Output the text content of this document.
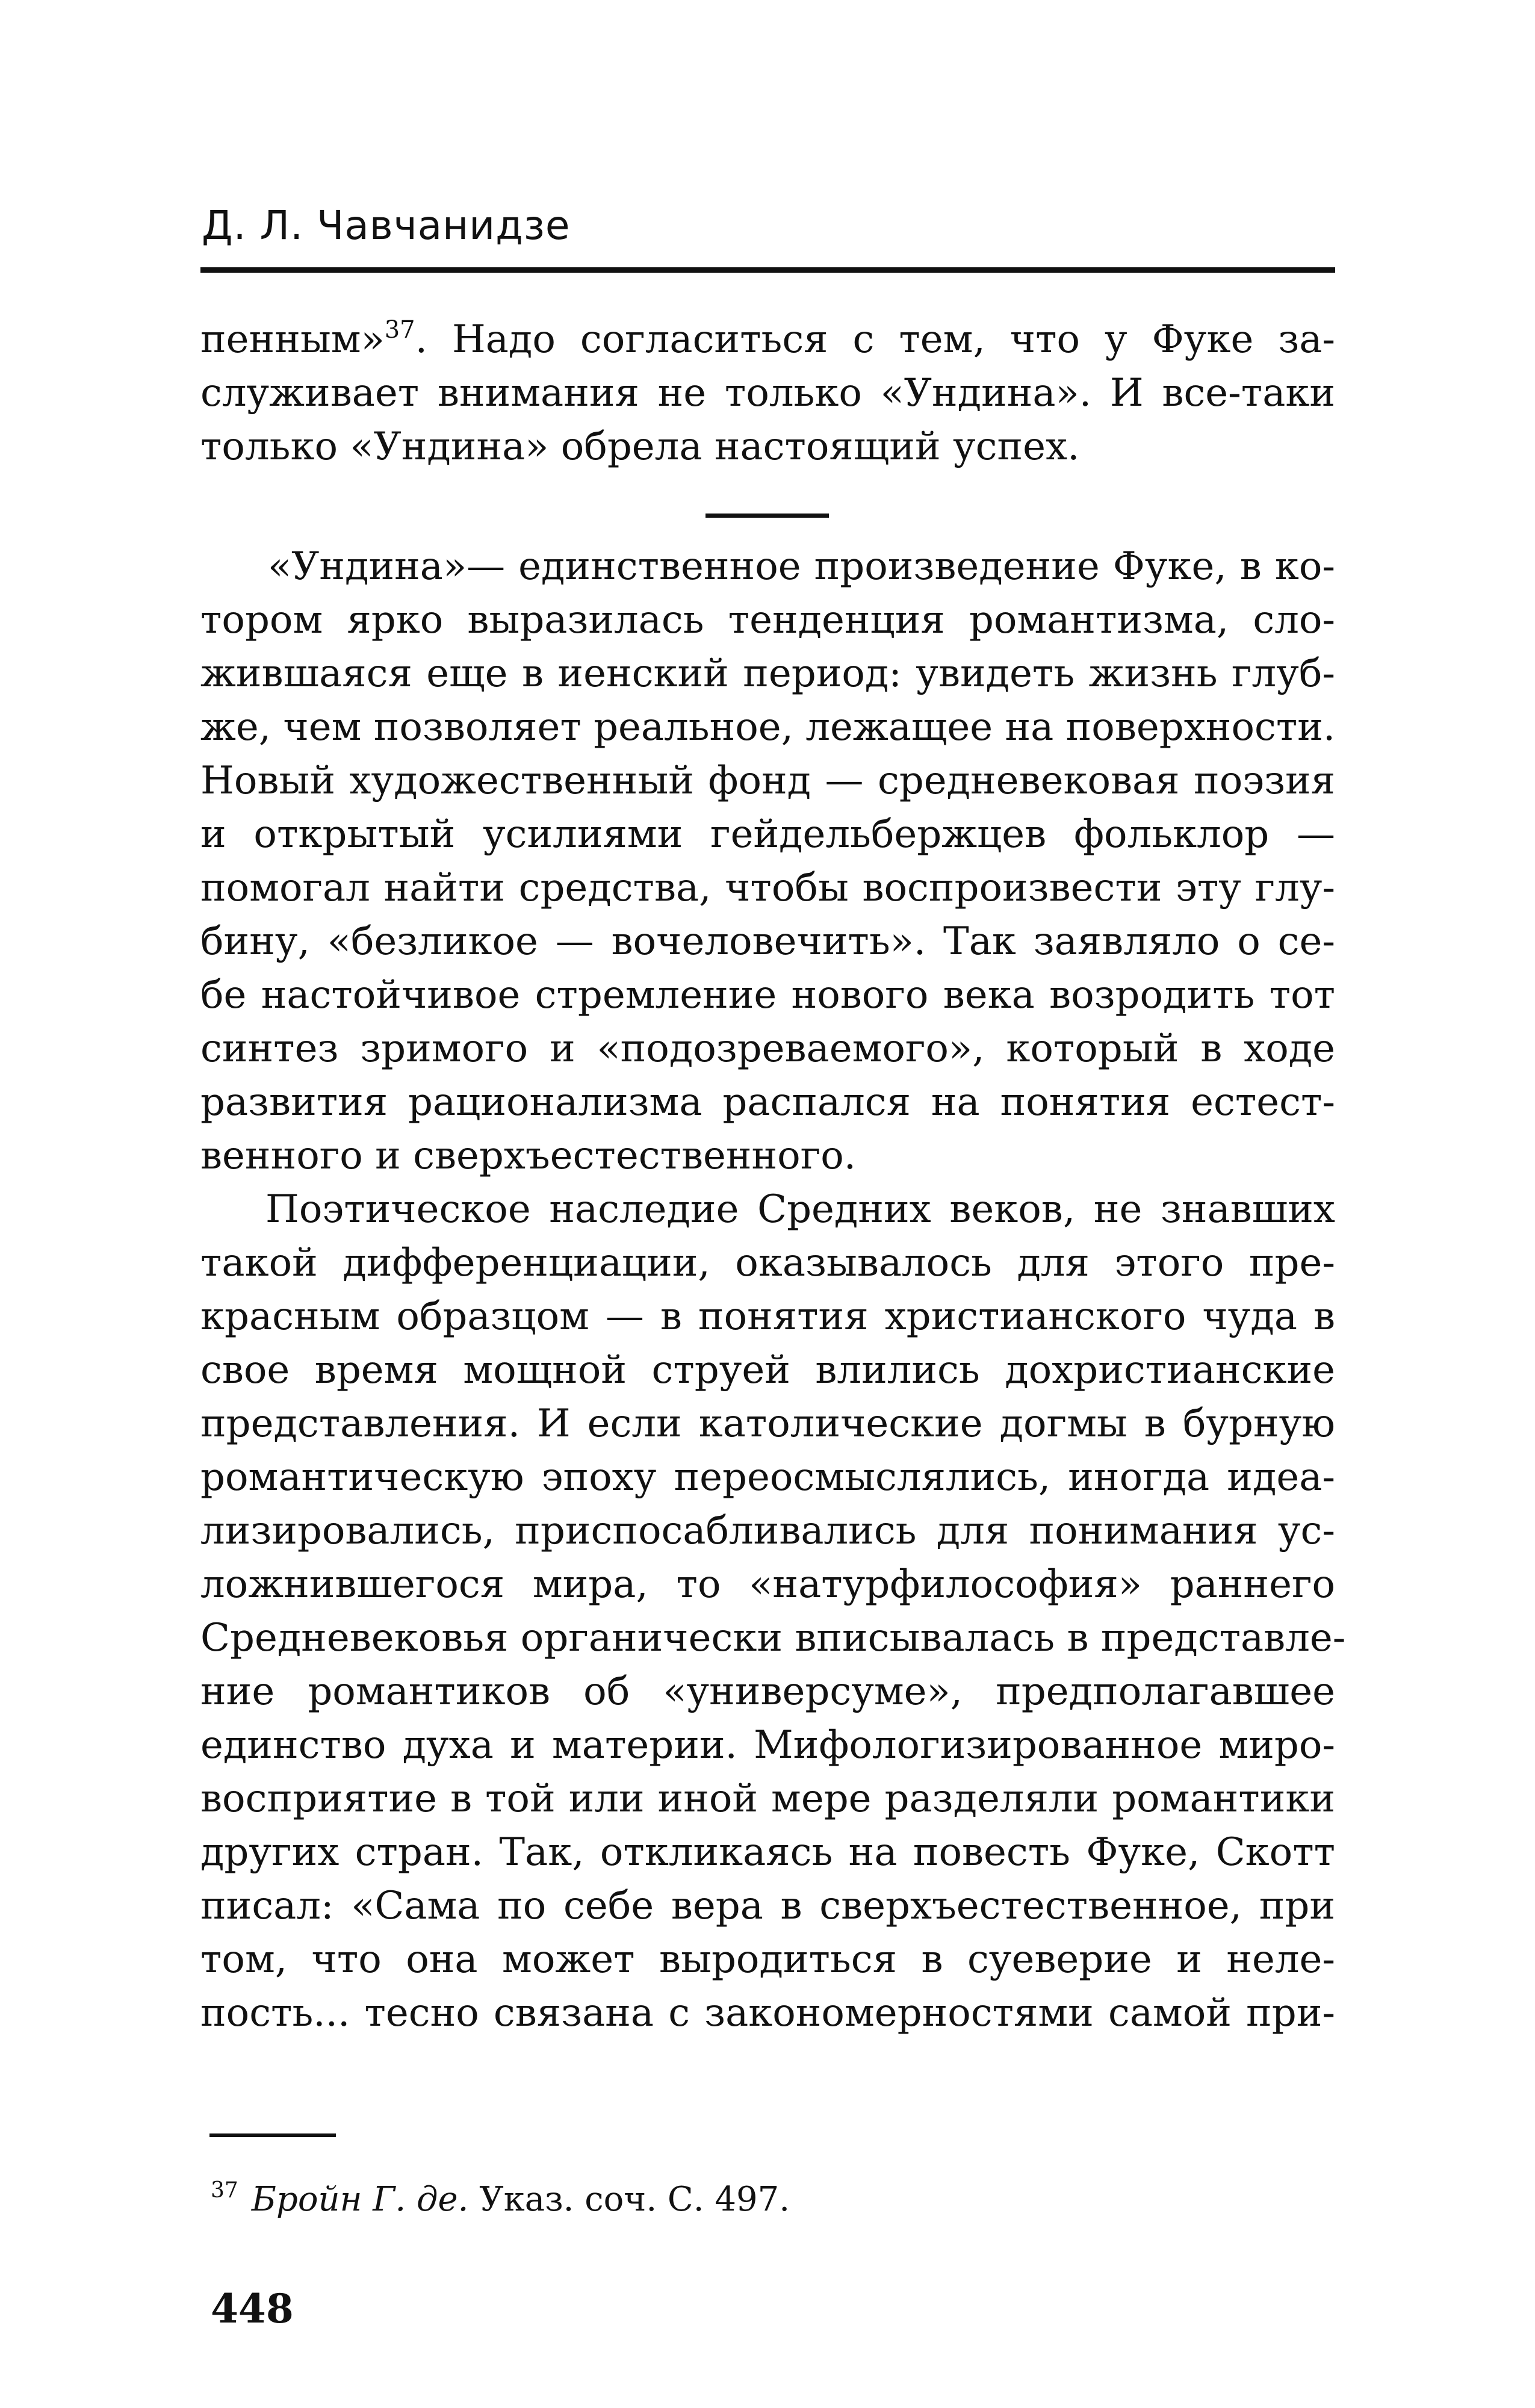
Д. Л. Чавчанидзе
пенным»$^{37}$. Надо согласиться с тем, что у Фуке за-
служивает внимания не только «Ундина». И все-таки
только «Ундина» обрела настоящий успех.
«Ундина»— единственное произведение Фуке, в ко-
тором ярко выразилась тенденция романтизма, сло-
жившаяся еще в иенский период: увидеть жизнь глуб-
же, чем позволяет реальное, лежащее на поверхности.
Новый художественный фонд — средневековая поэзия
и открытый усилиями гейдельбержцев фольклор —
помогал найти средства, чтобы воспроизвести эту глу-
бину, «безликое — вочеловечить». Так заявляло о се-
бе настойчивое стремление нового века возродить тот
синтез зримого и «подозреваемого», который в ходе
развития рационализма распался на понятия естест-
венного и сверхъестественного.
Поэтическое наследие Средних веков, не знавших
такой дифференциации, оказывалось для этого пре-
красным образцом — в понятия христианского чуда в
свое время мощной струей влились дохристианские
представления. И если католические догмы в бурную
романтическую эпоху переосмыслялись, иногда идеа-
лизировались, приспосабливались для понимания ус-
ложнившегося мира, то «натурфилософия» раннего
Средневековья органически вписывалась в представле-
ние романтиков об «универсуме», предполагавшее
единство духа и материи. Мифологизированное миро-
восприятие в той или иной мере разделяли романтики
других стран. Так, откликаясь на повесть Фуке, Скотт
писал: «Сама по себе вера в сверхъестественное, при
том, что она может выродиться в суеверие и неле-
пость... тесно связана с закономерностями самой при-
$^{37}$ Бройн Г. де. Указ. соч. С. 497.
448
